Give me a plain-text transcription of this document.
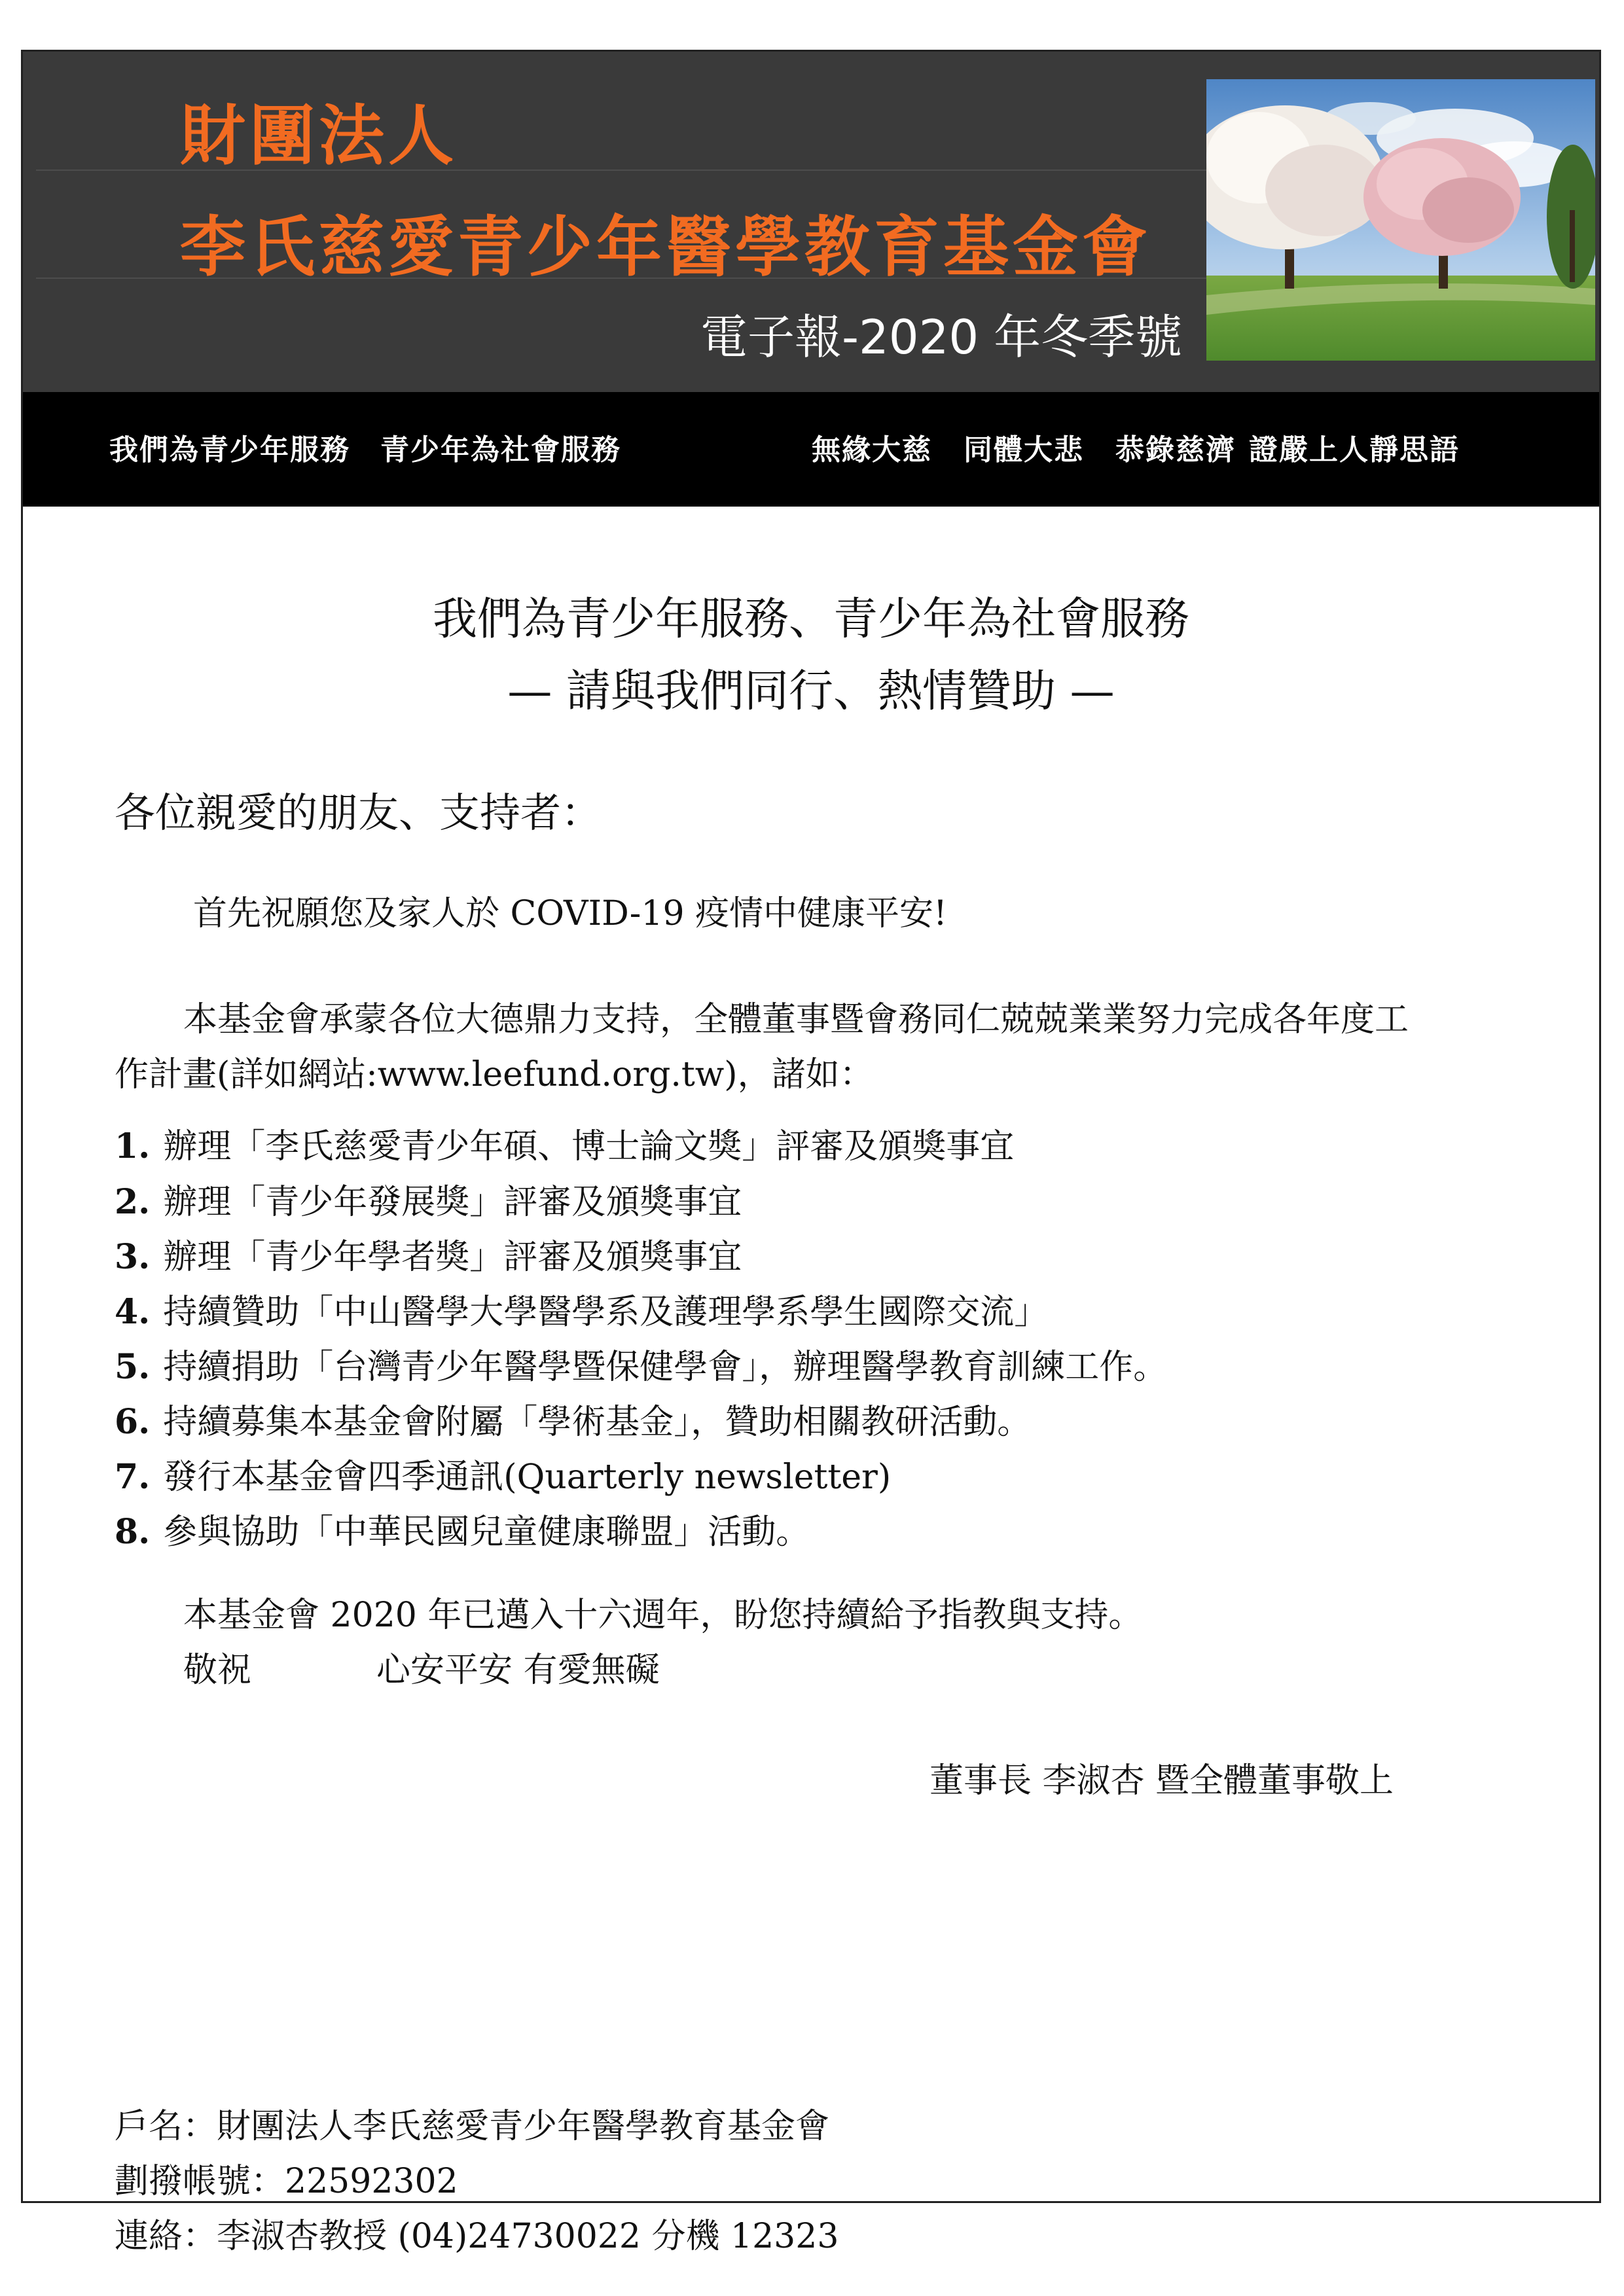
財團法人
李氏慈愛青少年醫學教育基金會
電子報-2020 年冬季號
我們為青少年服務　青少年為社會服務	無緣大慈 同體大悲 恭錄慈濟 證嚴上人靜思語
我們為青少年服務、青少年為社會服務
— 請與我們同行、熱情贊助 —
各位親愛的朋友、支持者：
首先祝願您及家人於 COVID-19 疫情中健康平安!
本基金會承蒙各位大德鼎力支持，全體董事暨會務同仁兢兢業業努力完成各年度工
作計畫(詳如網站:www.leefund.org.tw)，諸如：
1. 辦理「李氏慈愛青少年碩、博士論文獎」評審及頒獎事宜
2. 辦理「青少年發展獎」評審及頒獎事宜
3. 辦理「青少年學者獎」評審及頒獎事宜
4. 持續贊助「中山醫學大學醫學系及護理學系學生國際交流」
5. 持續捐助「台灣青少年醫學暨保健學會」，辦理醫學教育訓練工作。
6. 持續募集本基金會附屬「學術基金」，贊助相關教研活動。
7. 發行本基金會四季通訊(Quarterly newsletter)
8. 參與協助「中華民國兒童健康聯盟」活動。
本基金會 2020 年已邁入十六週年，盼您持續給予指教與支持。
敬祝	心安平安 有愛無礙
董事長 李淑杏 暨全體董事敬上
戶名：財團法人李氏慈愛青少年醫學教育基金會
劃撥帳號：22592302
連絡：李淑杏教授 (04)24730022 分機 12323
